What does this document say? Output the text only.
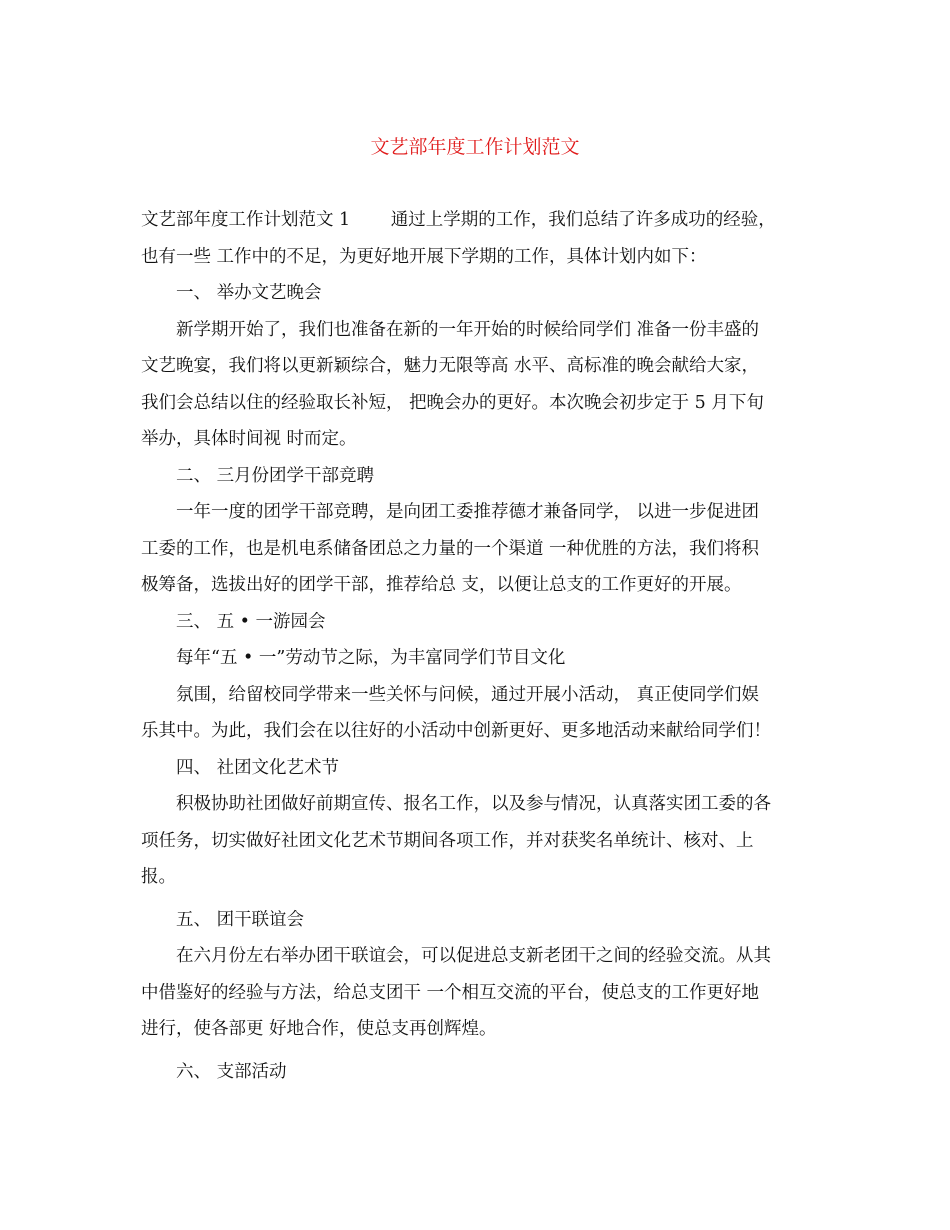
文艺部年度工作计划范文
文艺部年度工作计划范文 1 　　通过上学期的工作，我们总结了许多成功的经验，
也有一些 工作中的不足，为更好地开展下学期的工作，具体计划内如下：
一、 举办文艺晚会
新学期开始了，我们也准备在新的一年开始的时候给同学们 准备一份丰盛的
文艺晚宴，我们将以更新颖综合，魅力无限等高 水平、高标准的晚会献给大家，
我们会总结以住的经验取长补短， 把晚会办的更好。本次晚会初步定于 5 月下旬
举办，具体时间视 时而定。
二、 三月份团学干部竞聘
一年一度的团学干部竞聘，是向团工委推荐德才兼备同学， 以进一步促进团
工委的工作，也是机电系储备团总之力量的一个渠道 一种优胜的方法，我们将积
极筹备，选拔出好的团学干部，推荐给总 支，以便让总支的工作更好的开展。
三、 五 • 一游园会
每年“五 • 一”劳动节之际，为丰富同学们节目文化
氛围，给留校同学带来一些关怀与问候，通过开展小活动， 真正使同学们娱
乐其中。为此，我们会在以往好的小活动中创新更好、更多地活动来献给同学们！
四、 社团文化艺术节
积极协助社团做好前期宣传、报名工作，以及参与情况，认真落实团工委的各
项任务，切实做好社团文化艺术节期间各项工作，并对获奖名单统计、核对、上
报。
五、 团干联谊会
在六月份左右举办团干联谊会，可以促进总支新老团干之间的经验交流。从其
中借鉴好的经验与方法，给总支团干 一个相互交流的平台，使总支的工作更好地
进行，使各部更 好地合作，使总支再创辉煌。
六、 支部活动
